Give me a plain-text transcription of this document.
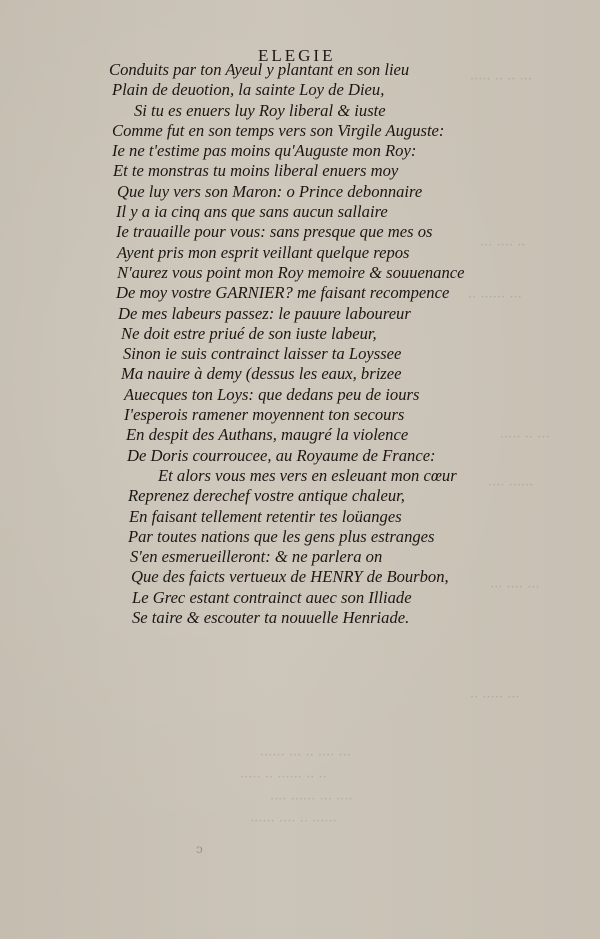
····· ·· ·· ···
··· ···· ··
·· ······ ···
····· ·· ···
···· ······
··· ···· ···
·· ····· ···
······ ··· ·· ···· ···
····· ·· ······ ·· ··
···· ······ ··· ····
······ ···· ·· ······
ELEGIE
Conduits par ton Ayeul y plantant en son lieu
Plain de deuotion, la sainte Loy de Dieu,
Si tu es enuers luy Roy liberal & iuste
Comme fut en son temps vers son Virgile Auguste:
Ie ne t'estime pas moins qu'Auguste mon Roy:
Et te monstras tu moins liberal enuers moy
Que luy vers son Maron: o Prince debonnaire
Il y a ia cinq ans que sans aucun sallaire
Ie trauaille pour vous: sans presque que mes os
Ayent pris mon esprit veillant quelque repos
N'aurez vous point mon Roy memoire & souuenance
De moy vostre GARNIER? me faisant recompence
De mes labeurs passez: le pauure laboureur
Ne doit estre priué de son iuste labeur,
Sinon ie suis contrainct laisser ta Loyssee
Ma nauire à demy (dessus les eaux, brizee
Auecques ton Loys: que dedans peu de iours
I'esperois ramener moyennent ton secours
En despit des Authans, maugré la violence
De Doris courroucee, au Royaume de France:
Et alors vous mes vers en esleuant mon cœur
Reprenez derechef vostre antique chaleur,
En faisant tellement retentir tes loüanges
Par toutes nations que les gens plus estranges
S'en esmerueilleront: & ne parlera on
Que des faicts vertueux de HENRY de Bourbon,
Le Grec estant contrainct auec son Illiade
Se taire & escouter ta nouuelle Henriade.
ↄ
